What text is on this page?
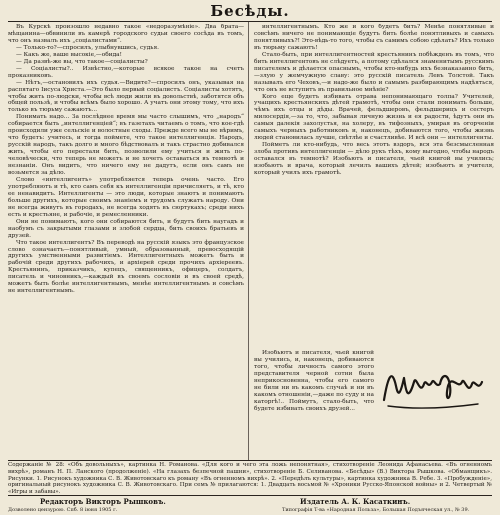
Бесѣды.

Въ Курскѣ произошло недавно такое «недоразумѣніе». Два брата—мѣщанина—обвинили въ камерѣ городского судьи своего сосѣда въ томъ, что онъ назвалъ ихъ „соціалистами“.

— Только-то?—спросилъ, улыбнувшись, судья.

— Какъ же, ваше высокіе,—обида!

— Да развѣ-же вы, что такое—соціалисты?

— Соціалисты?.. Извѣстно,—которые всякое такое на счетъ проказниковъ.

— Нѣтъ,—остановилъ ихъ судья.—Видите?—спросилъ онъ, указывая на распятаго Іисуса Христа.—Это было первый соціалистъ. Соціалисты хотятъ, чтобы жить по-людски, чтобы всѣ люди жили въ довольствѣ, заботятся объ общей пользѣ, и чтобы всѣмъ было хорошо. А учатъ они этому тому, что ихъ только въ тюрьму сажаютъ...

Понимать надо... За послѣднее время мы часто слышимъ, что „народъ“ собирается быть „интеллигенціей“; въ газетахъ читаемъ о томъ, что кое-гдѣ происходили уже сельскіе и волостные сходы. Прежде всего мы не вѣримъ, что будетъ: учитесь, и тогда поймете, что такое интеллигенція. Народъ, русскій народъ, такъ долго и много бѣдствовалъ и такъ страстно добивался жить, чтобы его перестали бить, позволили ему учиться и жить по-человѣчески, что теперь не можетъ и не хочетъ оставаться въ темнотѣ и незнаніи. Онъ видитъ, что ничего ему не дадутъ, если онъ самъ не возьмется за дѣло.

Слово «интеллигентъ» употребляется теперь очень часто. Его употребляютъ и тѣ, кто самъ себя къ интеллигенціи причисляетъ, и тѣ, кто ее ненавидитъ. Интеллигенты — это люди, которые знаютъ и понимаютъ больше другихъ, которые своимъ знаніемъ и трудомъ служатъ народу. Они не всегда живутъ въ городахъ, не всегда ходятъ въ сюртукахъ; среди нихъ есть и крестьяне, и рабочіе, и ремесленники.

Они не понимаютъ, кого они собираются бить, и будутъ бить наугадъ и наобумъ съ закрытыми глазами и злобой сердца, бить своихъ братьевъ и друзей.

Что такое интеллигентъ? Въ переводѣ на русскій языкъ это французское слово означаетъ—понятливый, умный, образованный, превосходящій другихъ умственными развитіемъ. Интеллигентныхъ можетъ быть и рабочій среди другихъ рабочихъ, и архіерей среди прочихъ архіереевъ. Крестьянинъ, приказчикъ, купецъ, священникъ, офицеръ, солдатъ, писатель и чиновникъ,—каждый въ своемъ сословіи и въ своей средѣ, можетъ быть болѣе интеллигентнымъ, менѣе интеллигентнымъ и совсѣмъ не интеллигентнымъ.

интеллигентнымъ. Кто же и кого будетъ бить? Менѣе понятливые и совсѣмъ ничего не понимающіе будутъ бить болѣе понятливыхъ и самыхъ понятливыхъ?! Это-вѣдь-то того, чтобы съ самимъ собою сдѣлать? Ихъ только въ тюрьму сажаютъ!

Стало-быть, при интеллигентностей крестьянинъ побѣжденъ въ томъ, что бить интеллигентовъ не слѣдуетъ, а потому сдѣлался знаменитымъ русскимъ писателемъ и дѣлается опаснымъ, чтобы кто-нибудь ихъ безнаказанно бить,—злую у жемчужную славу: это русскій писатель Левъ Толстой. Такъ называлъ его Чеховъ,—и надо-же было и самымъ разбирающимъ надѣяться, что онъ не вступитъ въ правильное мнѣніе?

Кого еще будетъ избивать отрава непонимающаго толпа? Учителей, учащихъ крестьянскихъ дѣтей грамотѣ, чтобы они стали понимать больше, чѣмъ ихъ отцы и дѣды. Врачей, фельдшеровъ, фельдшерицъ и сестеръ милосердія,—за то, что, забывая личную жизнь и ея радости, ѣдутъ они въ самыя далекія захолустья, на холеру, въ тифозныхъ, умирая въ огорченіи самыхъ черныхъ работниковъ и, наконецъ, добиваются того, чтобы жизнь людей становилась лучше, свѣтлѣе и счастливѣе. И всѣ они — интеллигенты.

Пойметъ ли кто-нибудь, что весь этотъ вздоръ, вся эта безсмысленная злоба противъ интеллигенціи — дѣло рукъ тѣхъ, кому выгодно, чтобы народъ оставался въ темнотѣ? Изобьютъ и писателя, чьей книгой вы учились; изобьютъ и врача, который лечилъ вашихъ дѣтей; изобьютъ и учителя, который училъ ихъ грамотѣ.

Изобьютъ и писателя, чьей книгой вы учились, и, наконецъ, добиваются того, чтобы личность самого этого представителя черной сотни была неприкосновенна, чтобы его самого не били ни въ какомъ случаѣ и ни въ какомъ отношеніи,—даже по суду и на каторгѣ!.. Поймутъ, стало-быть, что будете избивать своихъ друзей...

Содержаніе № 28: «Объ довольныхъ», картинка Н. Романова. «Для кого и чего эта ложь непонятная», стихотвореніе Леонида Афанасьева. «Въ огненномъ вихрѣ», романъ Н. П. Ланского (продолженіе). «На глазахъ безпечной пашни», стихотвореніе Б. Селиванова. «Бесѣды» (В.) Виктора Рышкова. «Обманщикъ». Рисунки. 1. Рисунокъ художника С. В. Животовскаго къ роману «Въ огненномъ вихрѣ». 2. «Передѣлъ культуры», картинка художника В. Ребе. 3. «Пробужденіе», оригинальный рисунокъ художника С. В. Животовскаго. При семъ № прилагаются: 1. Двадцать восьмой № «Хроники Русско-Японской войны» и 2. Четвертый № «Игры и забавы».

Редакторъ Викторъ Рышковъ.	Издатель А. К. Касаткинъ.
Дозволено цензурою. Спб. 8 іюня 1905 г.	Типографія Т-ва «Народная Польза», Большая Подъяческая ул., № 39.
